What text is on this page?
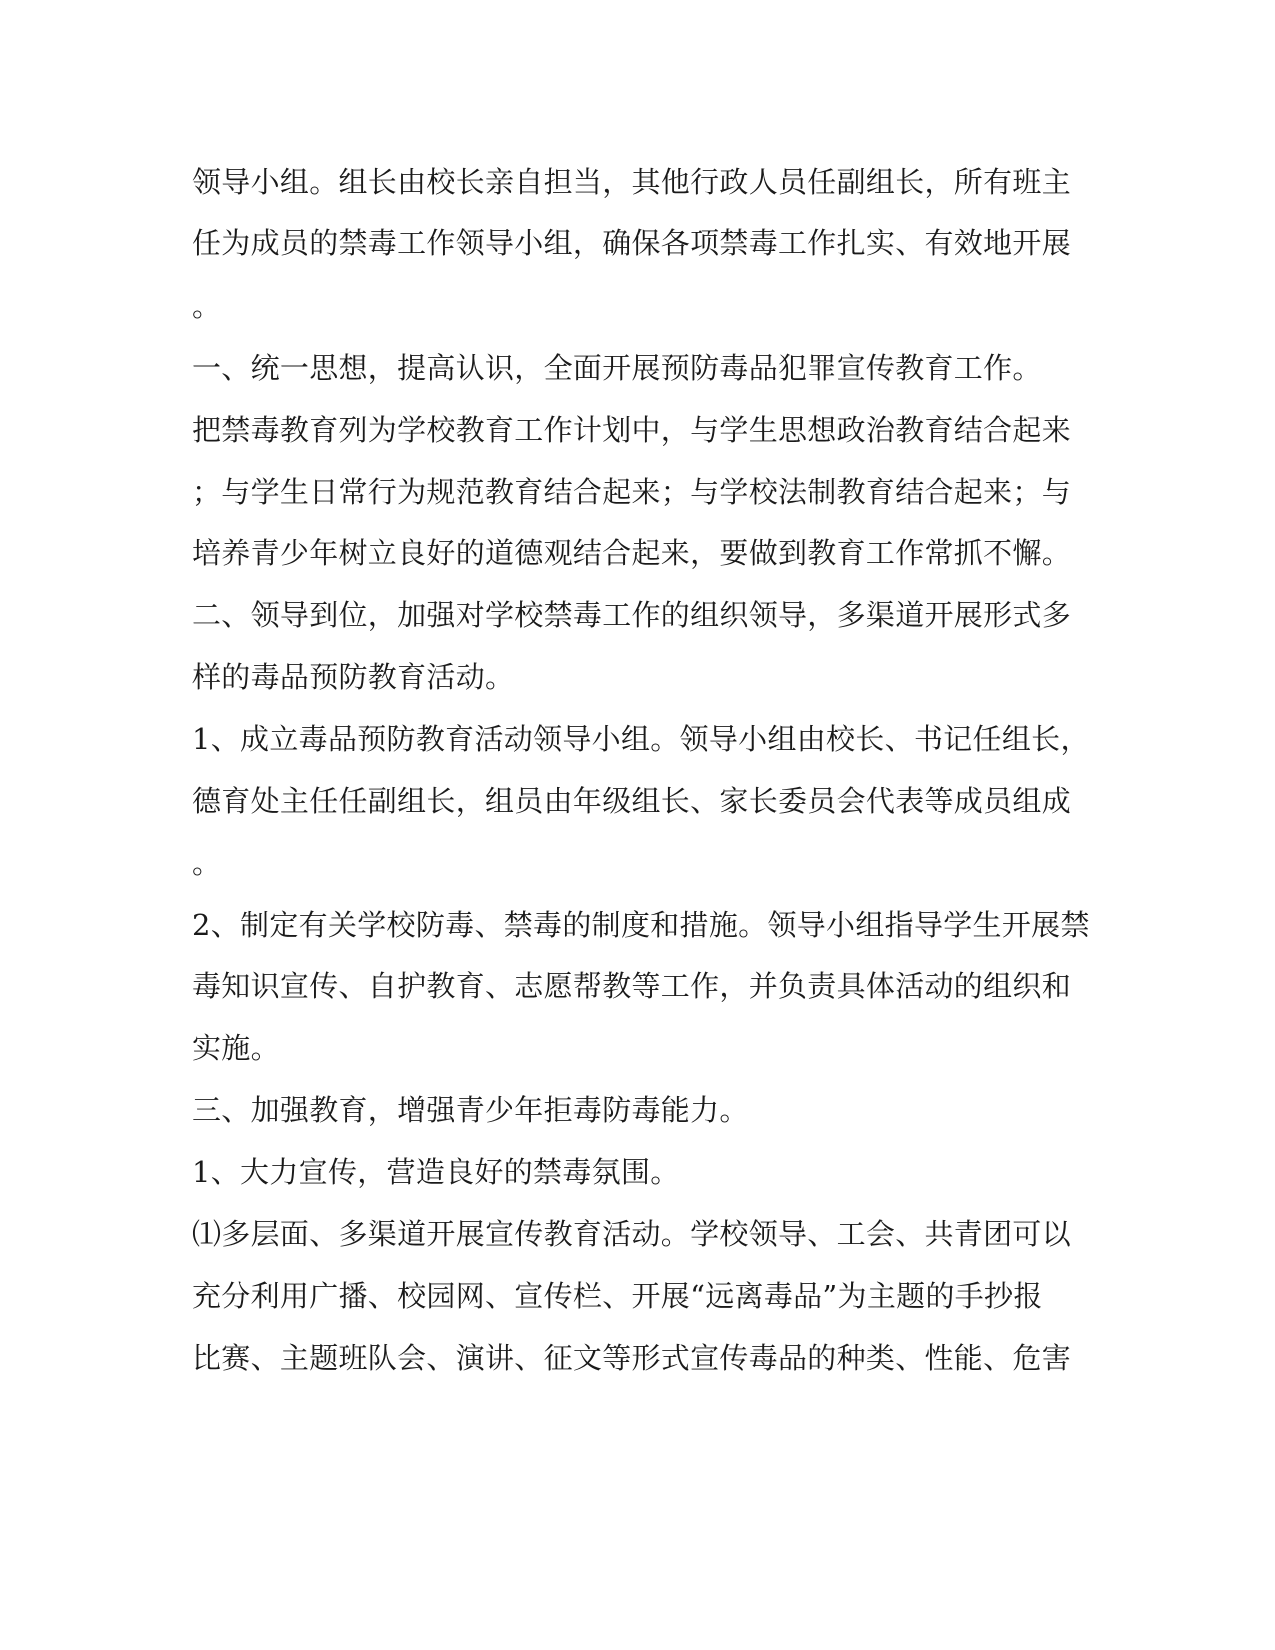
领导小组。组长由校长亲自担当，其他行政人员任副组长，所有班主

任为成员的禁毒工作领导小组，确保各项禁毒工作扎实、有效地开展

。

一、统一思想，提高认识，全面开展预防毒品犯罪宣传教育工作。

把禁毒教育列为学校教育工作计划中，与学生思想政治教育结合起来

；与学生日常行为规范教育结合起来；与学校法制教育结合起来；与

培养青少年树立良好的道德观结合起来，要做到教育工作常抓不懈。

二、领导到位，加强对学校禁毒工作的组织领导，多渠道开展形式多

样的毒品预防教育活动。

1、成立毒品预防教育活动领导小组。领导小组由校长、书记任组长，

德育处主任任副组长，组员由年级组长、家长委员会代表等成员组成

。

2、制定有关学校防毒、禁毒的制度和措施。领导小组指导学生开展禁

毒知识宣传、自护教育、志愿帮教等工作，并负责具体活动的组织和

实施。

三、加强教育，增强青少年拒毒防毒能力。

1、大力宣传，营造良好的禁毒氛围。

⑴多层面、多渠道开展宣传教育活动。学校领导、工会、共青团可以

充分利用广播、校园网、宣传栏、开展“远离毒品”为主题的手抄报

比赛、主题班队会、演讲、征文等形式宣传毒品的种类、性能、危害
